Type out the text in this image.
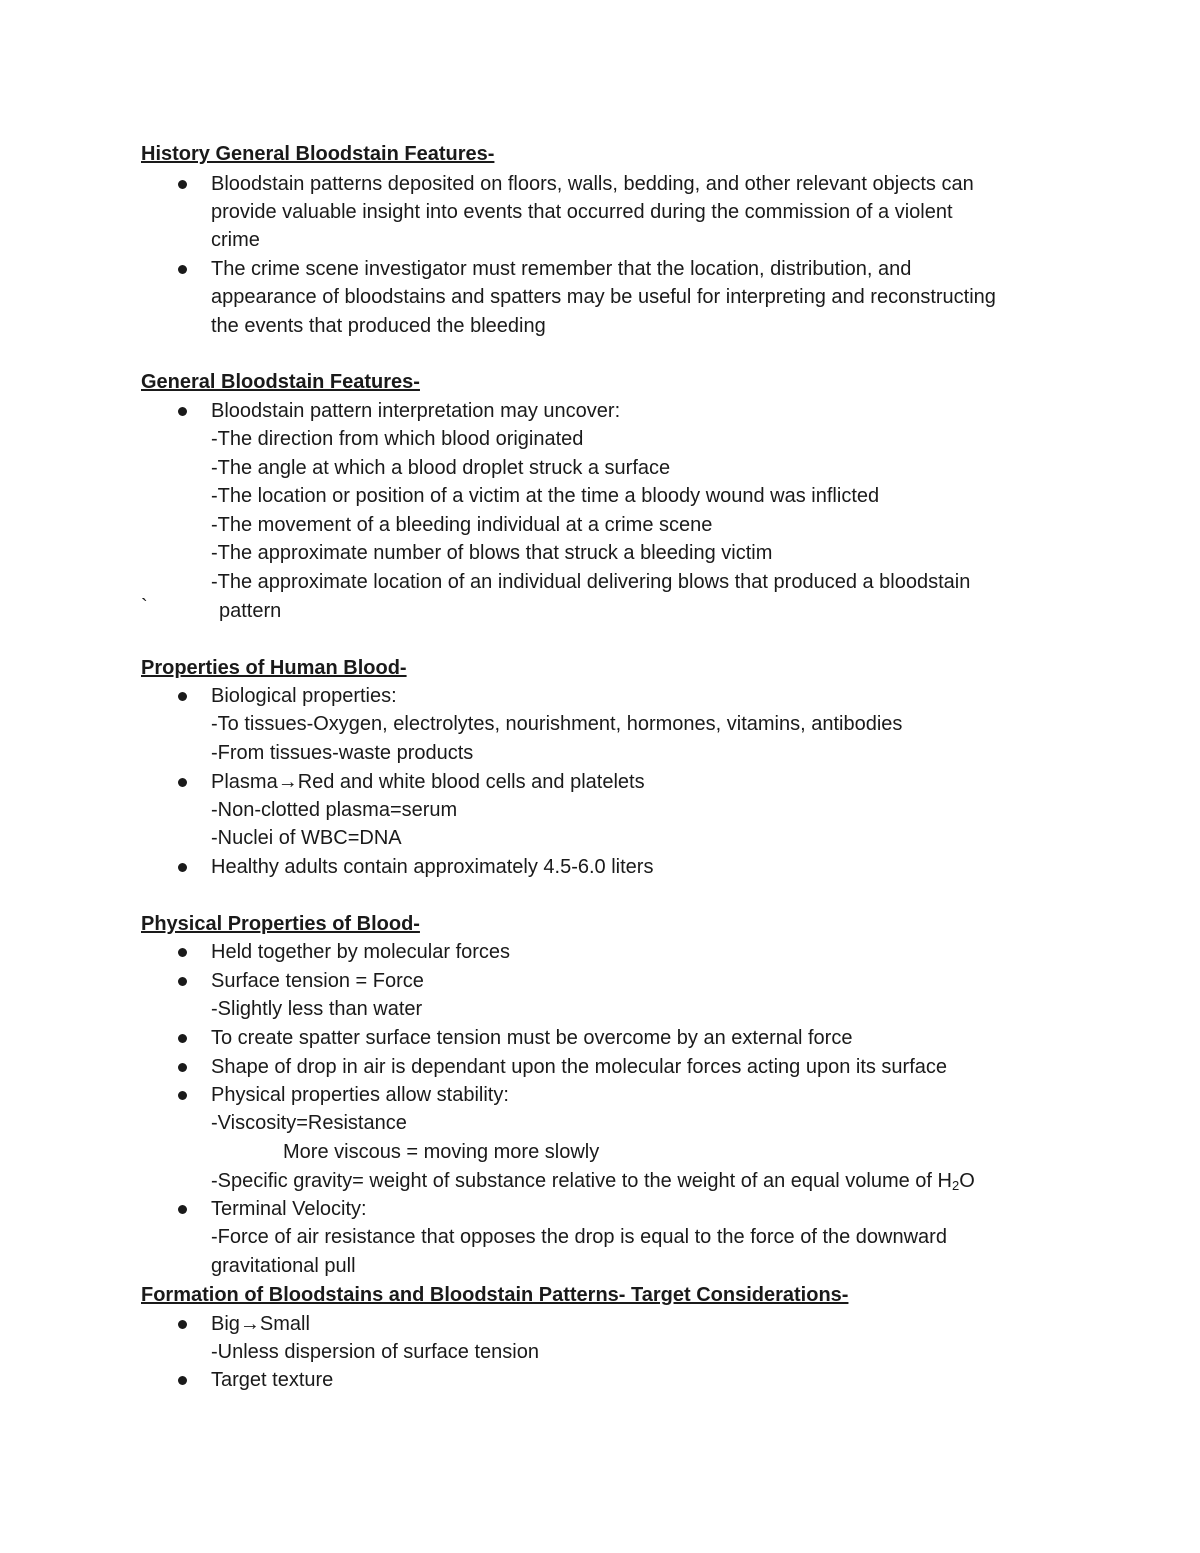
History General Bloodstain Features-
Bloodstain patterns deposited on floors, walls, bedding, and other relevant objects can
provide valuable insight into events that occurred during the commission of a violent
crime
The crime scene investigator must remember that the location, distribution, and
appearance of bloodstains and spatters may be useful for interpreting and reconstructing
the events that produced the bleeding
General Bloodstain Features-
Bloodstain pattern interpretation may uncover:
-The direction from which blood originated
-The angle at which a blood droplet struck a surface
-The location or position of a victim at the time a bloody wound was inflicted
-The movement of a bleeding individual at a crime scene
-The approximate number of blows that struck a bleeding victim
-The approximate location of an individual delivering blows that produced a bloodstain
`	pattern
Properties of Human Blood-
Biological properties:
-To tissues-Oxygen, electrolytes, nourishment, hormones, vitamins, antibodies
-From tissues-waste products
Plasma→Red and white blood cells and platelets
-Non-clotted plasma=serum
-Nuclei of WBC=DNA
Healthy adults contain approximately 4.5-6.0 liters
Physical Properties of Blood-
Held together by molecular forces
Surface tension = Force
-Slightly less than water
To create spatter surface tension must be overcome by an external force
Shape of drop in air is dependant upon the molecular forces acting upon its surface
Physical properties allow stability:
-Viscosity=Resistance
More viscous = moving more slowly
-Specific gravity= weight of substance relative to the weight of an equal volume of $H_2O$
Terminal Velocity:
-Force of air resistance that opposes the drop is equal to the force of the downward
gravitational pull
Formation of Bloodstains and Bloodstain Patterns- Target Considerations-
Big→Small
-Unless dispersion of surface tension
Target texture
